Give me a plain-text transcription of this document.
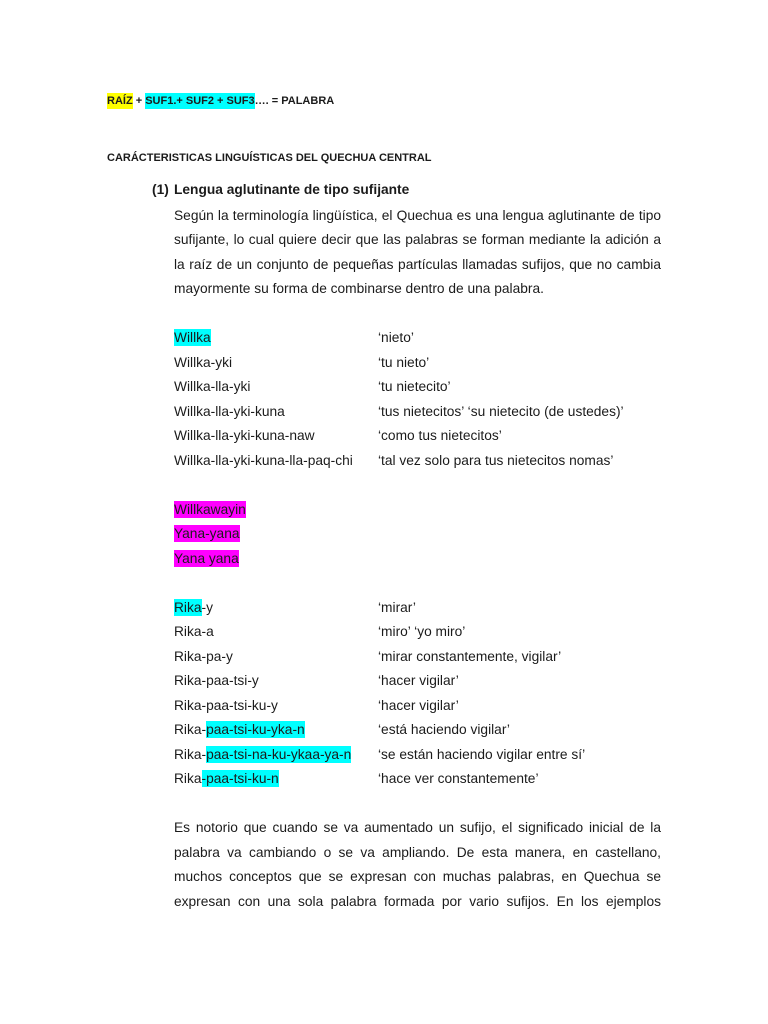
RAÍZ + SUF1.+ SUF2 + SUF3…. = PALABRA
CARÁCTERISTICAS LINGUÍSTICAS DEL QUECHUA CENTRAL
(1) Lengua aglutinante de tipo sufijante
Según la terminología lingüística, el Quechua es una lengua aglutinante de tipo
sufijante, lo cual quiere decir que las palabras se forman mediante la adición a
la raíz de un conjunto de pequeñas partículas llamadas sufijos, que no cambia
mayormente su forma de combinarse dentro de una palabra.
Willka	‘nieto’
Willka-yki	‘tu nieto’
Willka-lla-yki	‘tu nietecito’
Willka-lla-yki-kuna	‘tus nietecitos’ ‘su nietecito (de ustedes)’
Willka-lla-yki-kuna-naw	‘como tus nietecitos’
Willka-lla-yki-kuna-lla-paq-chi	‘tal vez solo para tus nietecitos nomas’
Willkawayin
Yana-yana
Yana yana
Rika-y	‘mirar’
Rika-a	‘miro’ ‘yo miro’
Rika-pa-y	‘mirar constantemente, vigilar’
Rika-paa-tsi-y	‘hacer vigilar’
Rika-paa-tsi-ku-y	‘hacer vigilar’
Rika-paa-tsi-ku-yka-n	‘está haciendo vigilar’
Rika-paa-tsi-na-ku-ykaa-ya-n	‘se están haciendo vigilar entre sí’
Rika-paa-tsi-ku-n	‘hace ver constantemente’
Es notorio que cuando se va aumentado un sufijo, el significado inicial de la
palabra va cambiando o se va ampliando. De esta manera, en castellano,
muchos conceptos que se expresan con muchas palabras, en Quechua se
expresan con una sola palabra formada por vario sufijos. En los ejemplos
